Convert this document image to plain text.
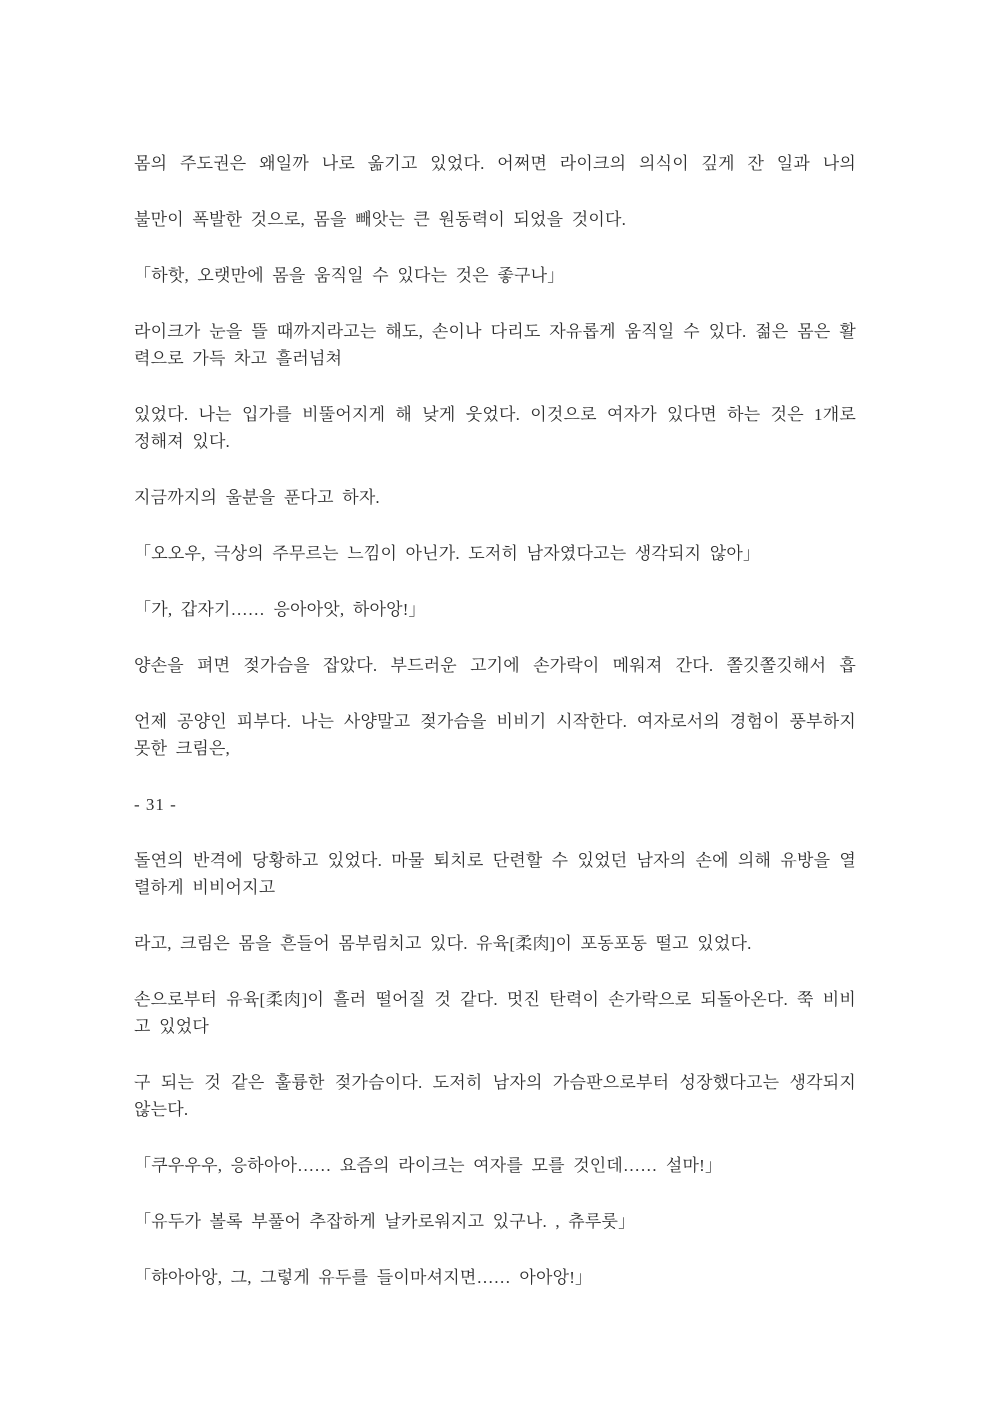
몸의 주도권은 왜일까 나로 옮기고 있었다. 어쩌면 라이크의 의식이 깊게 잔 일과 나의
불만이 폭발한 것으로, 몸을 빼앗는 큰 원동력이 되었을 것이다.
「하핫, 오랫만에 몸을 움직일 수 있다는 것은 좋구나」
라이크가 눈을 뜰 때까지라고는 해도, 손이나 다리도 자유롭게 움직일 수 있다. 젊은 몸은 활
력으로 가득 차고 흘러넘쳐
있었다. 나는 입가를 비뚤어지게 해 낮게 웃었다. 이것으로 여자가 있다면 하는 것은 1개로
정해져 있다.
지금까지의 울분을 푼다고 하자.
「오오우, 극상의 주무르는 느낌이 아닌가. 도저히 남자였다고는 생각되지 않아」
「가, 갑자기…… 응아아앗, 하아앙!」
양손을 펴면 젖가슴을 잡았다. 부드러운 고기에 손가락이 메워져 간다. 쫄깃쫄깃해서 흡
언제 공양인 피부다. 나는 사양말고 젖가슴을 비비기 시작한다. 여자로서의 경험이 풍부하지
못한 크림은,
- 31 -
돌연의 반격에 당황하고 있었다. 마물 퇴치로 단련할 수 있었던 남자의 손에 의해 유방을 열
렬하게 비비어지고
라고, 크림은 몸을 흔들어 몸부림치고 있다. 유육[柔肉]이 포동포동 떨고 있었다.
손으로부터 유육[柔肉]이 흘러 떨어질 것 같다. 멋진 탄력이 손가락으로 되돌아온다. 쭉 비비
고 있었다
구 되는 것 같은 훌륭한 젖가슴이다. 도저히 남자의 가슴판으로부터 성장했다고는 생각되지
않는다.
「쿠우우우, 응하아아…… 요즘의 라이크는 여자를 모를 것인데…… 설마!」
「유두가 볼록 부풀어 추잡하게 날카로워지고 있구나. , 츄루룻」
「햐아아앙, 그, 그렇게 유두를 들이마셔지면…… 아아앙!」
